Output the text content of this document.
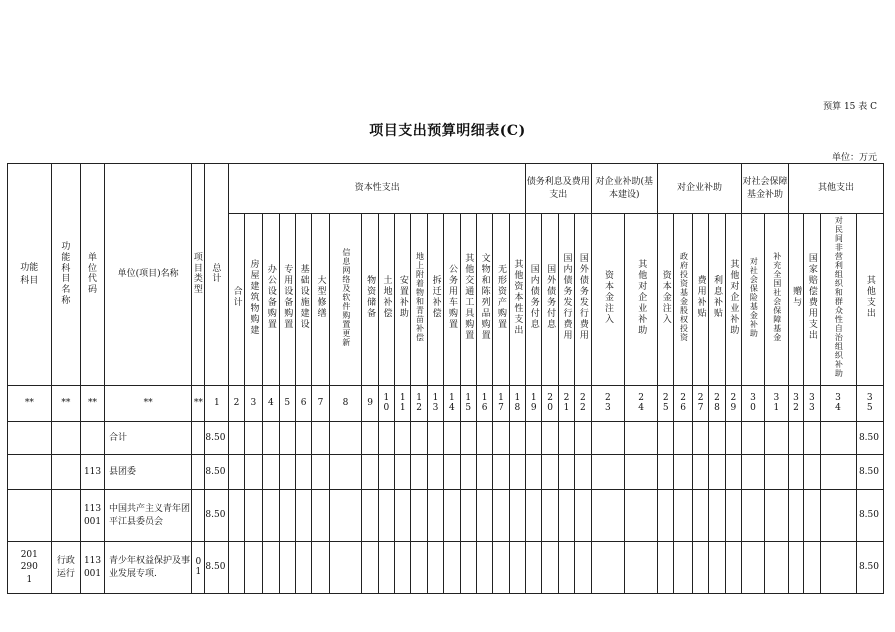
预算 15 表 C
项目支出预算明细表(C)
单位：万元
功能科目	功能科目名称	单位代码	单位(项目)名称	项目类型	总计	资本性支出																	债务利息及费用支出				对企业补助(基本建设)		对企业补助					对社会保障基金补助		其他支出			
						合计	房屋建筑物购建	办公设备购置	专用设备购置	基础设施建设	大型修缮	信息网络及软件购置更新	物资储备	土地补偿	安置补助	地上附着物和青苗补偿	拆迁补偿	公务用车购置	其他交通工具购置	文物和陈列品购置	无形资产购置	其他资本性支出	国内债务付息	国外债务付息	国内债务发行费用	国外债务发行费用	资本金注入	其他对企业补助	资本金注入	政府投资基金股权投资	费用补贴	利息补贴	其他对企业补助	对社会保险基金补助	补充全国社会保障基金	赠与	国家赔偿费用支出	对民间非营利组织和群众性自治组织补助	其他支出
**	**	**	**	**	1	2	3	4	5	6	7	8	9	10	11	12	13	14	15	16	17	18	19	20	21	22	23	24	25	26	27	28	29	30	31	32	33	34	35
			合计		8.50																																		8.50
		113	县团委		8.50																																		8.50
		113001	中国共产主义青年团平江县委员会		8.50																																		8.50
2012901	行政运行	113001	青少年权益保护及事业发展专项.	01	8.50																																		8.50
